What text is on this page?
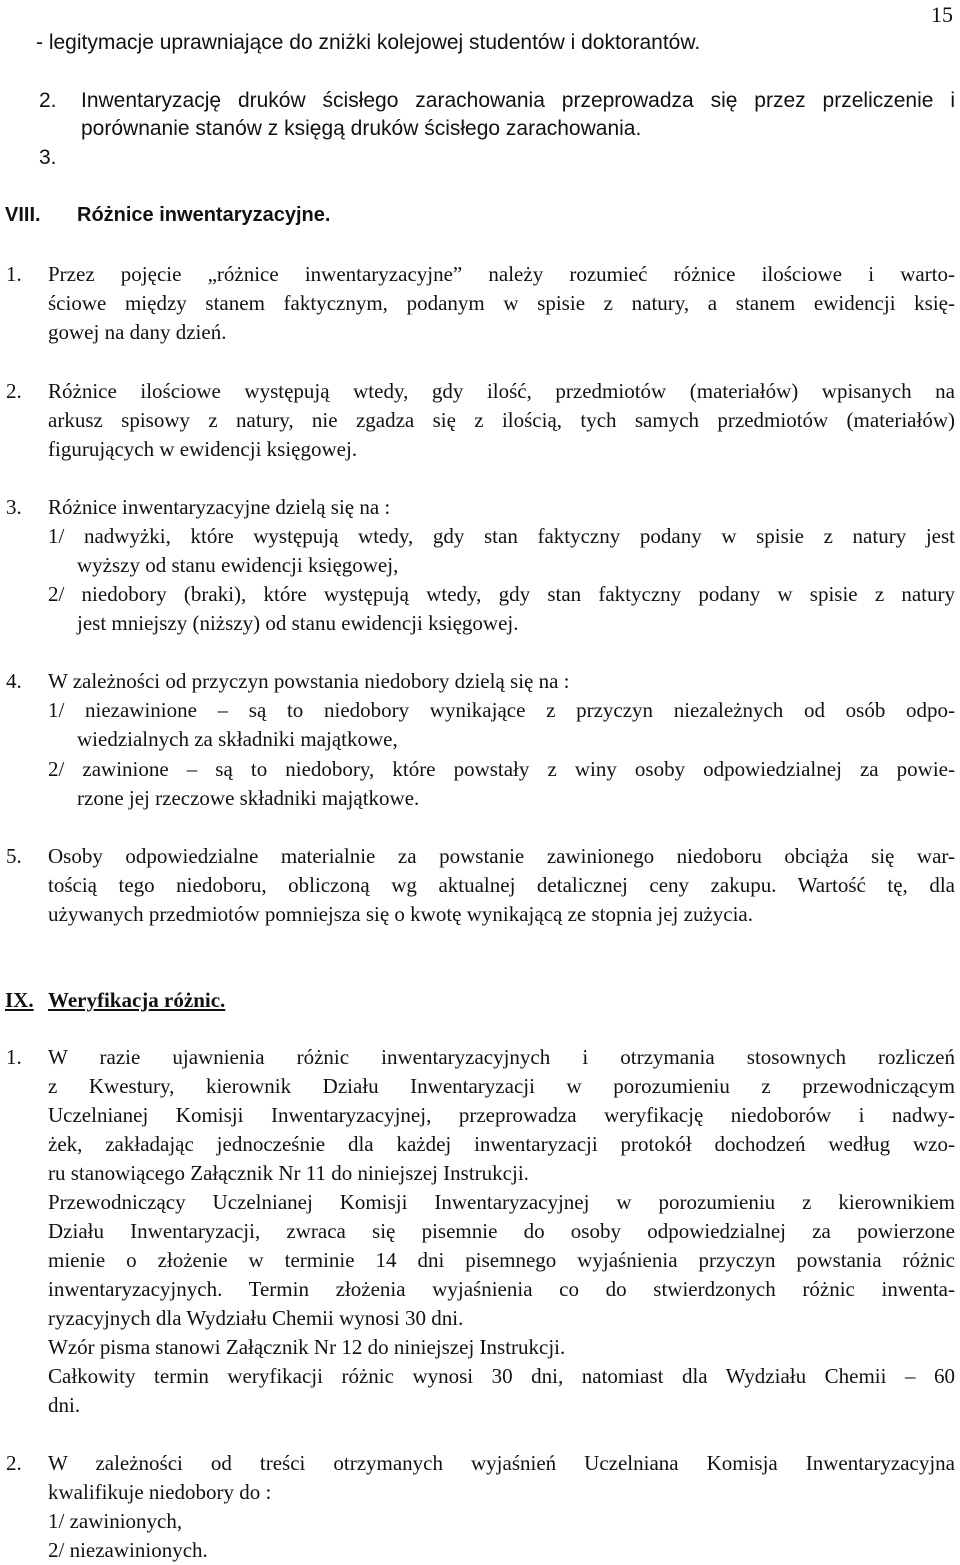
15
- legitymacje uprawniające do zniżki kolejowej studentów i doktorantów.
2. Inwentaryzację druków ścisłego zarachowania przeprowadza się przez przeliczenie i
porównanie stanów z księgą druków ścisłego zarachowania.
3.
VIII. Różnice inwentaryzacyjne.
1. Przez pojęcie „różnice inwentaryzacyjne” należy rozumieć różnice ilościowe i warto-
ściowe między stanem faktycznym, podanym w spisie z natury, a stanem ewidencji księ-
gowej na dany dzień.
2. Różnice ilościowe występują wtedy, gdy ilość, przedmiotów (materiałów) wpisanych na
arkusz spisowy z natury, nie zgadza się z ilością, tych samych przedmiotów (materiałów)
figurujących w ewidencji księgowej.
3. Różnice inwentaryzacyjne dzielą się na :
1/ nadwyżki, które występują wtedy, gdy stan faktyczny podany w spisie z natury jest
wyższy od stanu ewidencji księgowej,
2/ niedobory (braki), które występują wtedy, gdy stan faktyczny podany w spisie z natury
jest mniejszy (niższy) od stanu ewidencji księgowej.
4. W zależności od przyczyn powstania niedobory dzielą się na :
1/ niezawinione – są to niedobory wynikające z przyczyn niezależnych od osób odpo-
wiedzialnych za składniki majątkowe,
2/ zawinione – są to niedobory, które powstały z winy osoby odpowiedzialnej za powie-
rzone jej rzeczowe składniki majątkowe.
5. Osoby odpowiedzialne materialnie za powstanie zawinionego niedoboru obciąża się war-
tością tego niedoboru, obliczoną wg aktualnej detalicznej ceny zakupu. Wartość tę, dla
używanych przedmiotów pomniejsza się o kwotę wynikającą ze stopnia jej zużycia.
IX. Weryfikacja różnic.
1. W razie ujawnienia różnic inwentaryzacyjnych i otrzymania stosownych rozliczeń
z Kwestury, kierownik Działu Inwentaryzacji w porozumieniu z przewodniczącym
Uczelnianej Komisji Inwentaryzacyjnej, przeprowadza weryfikację niedoborów i nadwy-
żek, zakładając jednocześnie dla każdej inwentaryzacji protokół dochodzeń według wzo-
ru stanowiącego Załącznik Nr 11 do niniejszej Instrukcji.
Przewodniczący Uczelnianej Komisji Inwentaryzacyjnej w porozumieniu z kierownikiem
Działu Inwentaryzacji, zwraca się pisemnie do osoby odpowiedzialnej za powierzone
mienie o złożenie w terminie 14 dni pisemnego wyjaśnienia przyczyn powstania różnic
inwentaryzacyjnych. Termin złożenia wyjaśnienia co do stwierdzonych różnic inwenta-
ryzacyjnych dla Wydziału Chemii wynosi 30 dni.
Wzór pisma stanowi Załącznik Nr 12 do niniejszej Instrukcji.
Całkowity termin weryfikacji różnic wynosi 30 dni, natomiast dla Wydziału Chemii – 60
dni.
2. W zależności od treści otrzymanych wyjaśnień Uczelniana Komisja Inwentaryzacyjna
kwalifikuje niedobory do :
1/ zawinionych,
2/ niezawinionych.
